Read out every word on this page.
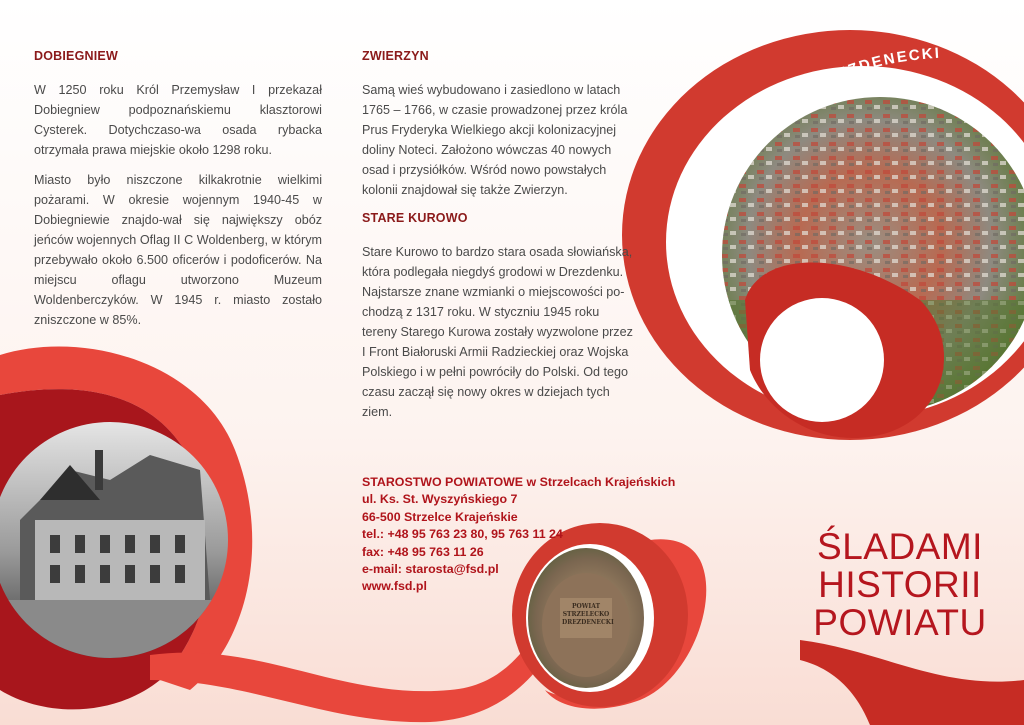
POWIAT STRZELECKO-DREZDENECKI
POWIAT
STRZELECKO
DREZDENECKI
DOBIEGNIEW

W 1250 roku Król Przemysław I przekazał Dobiegniew podpoznańskiemu klasztorowi Cysterek. Dotychczaso-wa osada rybacka otrzymała prawa miejskie około 1298 roku.

Miasto było niszczone kilkakrotnie wielkimi pożarami. W okresie wojennym 1940-45 w Dobiegniewie znajdo-wał się największy obóz jeńców wojennych Oflag II C Woldenberg, w którym przebywało około 6.500 oficerów i podoficerów. Na miejscu oflagu utworzono Muzeum Woldenberczyków. W 1945 r. miasto zostało zniszczone w 85%.

ZWIERZYN

Samą wieś wybudowano i zasiedlono w latach 1765 – 1766, w czasie prowadzonej przez króla Prus Fryderyka Wielkiego akcji kolonizacyjnej doliny Noteci. Założono wówczas 40 nowych osad i przysiółków. Wśród nowo powstałych kolonii znajdował się także Zwierzyn.

STARE KUROWO

Stare Kurowo to bardzo stara osada słowiańska, która podlegała niegdyś grodowi w Drezdenku. Najstarsze znane wzmianki o miejscowości po-chodzą z 1317 roku. W styczniu 1945 roku tereny Starego Kurowa zostały wyzwolone przez I Front Białoruski Armii Radzieckiej oraz Wojska Polskiego i w pełni powróciły do Polski. Od tego czasu zaczął się nowy okres w dziejach tych ziem.

STAROSTWO POWIATOWE w Strzelcach Krajeńskich
ul. Ks. St. Wyszyńskiego 7
66-500 Strzelce Krajeńskie
tel.: +48 95 763 23 80, 95 763 11 24
fax: +48 95 763 11 26
e-mail: starosta@fsd.pl
www.fsd.pl
ŚLADAMI
HISTORII
POWIATU
